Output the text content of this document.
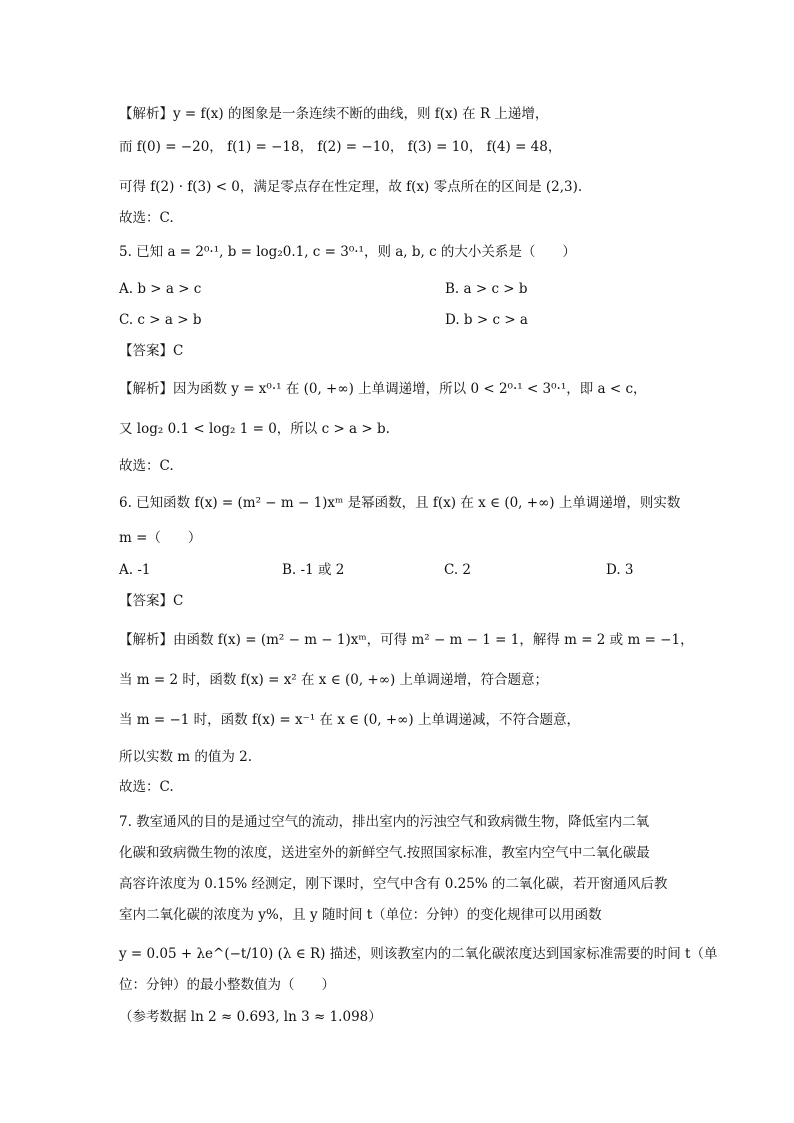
【解析】y = f(x) 的图象是一条连续不断的曲线，则 f(x) 在 R 上递增，
而 f(0) = −20， f(1) = −18， f(2) = −10， f(3) = 10， f(4) = 48，
可得 f(2) · f(3) < 0，满足零点存在性定理，故 f(x) 零点所在的区间是 (2,3).
故选：C.
5. 已知 a = 2⁰·¹, b = log₂0.1, c = 3⁰·¹，则 a, b, c 的大小关系是（　　）
A. b > a > c	B. a > c > b
C. c > a > b	D. b > c > a
【答案】C
【解析】因为函数 y = x⁰·¹ 在 (0, +∞) 上单调递增，所以 0 < 2⁰·¹ < 3⁰·¹，即 a < c，
又 log₂ 0.1 < log₂ 1 = 0，所以 c > a > b.
故选：C.
6. 已知函数 f(x) = (m² − m − 1)xᵐ 是幂函数，且 f(x) 在 x ∈ (0, +∞) 上单调递增，则实数
m =（　　）
A. -1	B. -1 或 2	C. 2	D. 3
【答案】C
【解析】由函数 f(x) = (m² − m − 1)xᵐ，可得 m² − m − 1 = 1，解得 m = 2 或 m = −1，
当 m = 2 时，函数 f(x) = x² 在 x ∈ (0, +∞) 上单调递增，符合题意；
当 m = −1 时，函数 f(x) = x⁻¹ 在 x ∈ (0, +∞) 上单调递减，不符合题意，
所以实数 m 的值为 2.
故选：C.
7. 教室通风的目的是通过空气的流动，排出室内的污浊空气和致病微生物，降低室内二氧
化碳和致病微生物的浓度，送进室外的新鲜空气.按照国家标准，教室内空气中二氧化碳最
高容许浓度为 0.15% 经测定，刚下课时，空气中含有 0.25% 的二氧化碳，若开窗通风后教
室内二氧化碳的浓度为 y%，且 y 随时间 t（单位：分钟）的变化规律可以用函数
y = 0.05 + λe^(−t/10) (λ ∈ R) 描述，则该教室内的二氧化碳浓度达到国家标准需要的时间 t（单
位：分钟）的最小整数值为（　　）
（参考数据 ln 2 ≈ 0.693, ln 3 ≈ 1.098）
